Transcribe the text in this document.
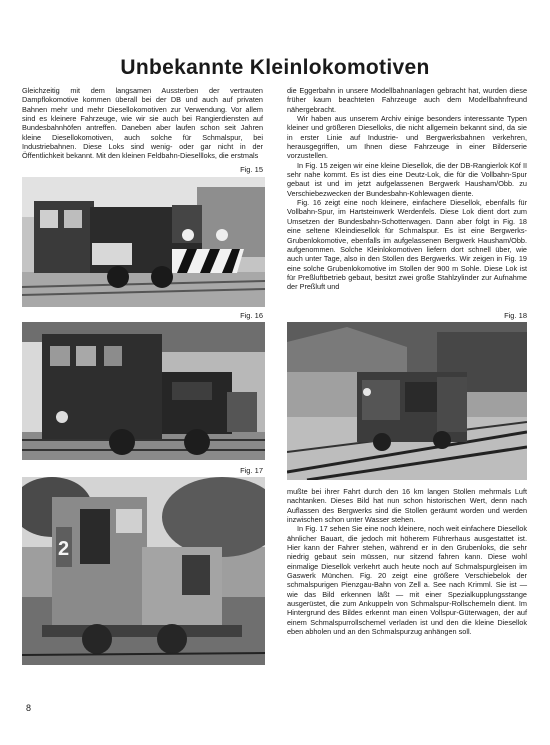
Unbekannte Kleinlokomotiven

Gleichzeitig mit dem langsamen Aussterben der vertrauten Dampflokomotive kommen überall bei der DB und auch auf privaten Bahnen mehr und mehr Diesellokomotiven zur Verwendung. Vor allem sind es kleinere Fahrzeuge, wie wir sie auch bei Rangierdiensten auf Bundesbahnhöfen antreffen. Daneben aber laufen schon seit Jahren kleine Diesellokomotiven, auch solche für Schmalspur, bei Industriebahnen. Diese Loks sind wenig- oder gar nicht in der Öffentlichkeit bekannt. Mit den kleinen Feldbahn-Diesellloks, die erstmals

die Eggerbahn in unsere Modellbahnanlagen gebracht hat, wurden diese früher kaum beachteten Fahrzeuge auch dem Modellbahnfreund nähergebracht.

Wir haben aus unserem Archiv einige besonders interessante Typen kleiner und größeren Dieselloks, die nicht allgemein bekannt sind, da sie in erster Linie auf Industrie- und Bergwerksbahnen verkehren, herausgegriffen, um Ihnen diese Fahrzeuge in einer Bilderserie vorzustellen.

In Fig. 15 zeigen wir eine kleine Diesellok, die der DB-Rangierlok Köf II sehr nahe kommt. Es ist dies eine Deutz-Lok, die für die Vollbahn-Spur gebaut ist und im jetzt aufgelassenen Bergwerk Hausham/Obb. zu Verschiebezwecken der Bundesbahn-Kohlewagen diente.

Fig. 16 zeigt eine noch kleinere, einfachere Diesellok, ebenfalls für Vollbahn-Spur, im Hartsteinwerk Werdenfels. Diese Lok dient dort zum Umsetzen der Bundesbahn-Schotterwagen. Dann aber folgt in Fig. 18 eine seltene Kleindiesellok für Schmalspur. Es ist eine Bergwerks-Grubenlokomotive, ebenfalls im aufgelassenen Bergwerk Hausham/Obb. aufgenommen. Solche Kleinlokomotiven liefern dort schnell über, wie auch unter Tage, also in den Stollen des Bergwerks. Wir zeigen in Fig. 19 eine solche Grubenlokomotive im Stollen der 900 m Sohle. Diese Lok ist für Preßluftbetrieb gebaut, besitzt zwei große Stahlzylinder zur Aufnahme der Preßluft und

mußte bei ihrer Fahrt durch den 16 km langen Stollen mehrmals Luft nachtanken. Dieses Bild hat nun schon historischen Wert, denn nach Auflassen des Bergwerks sind die Stollen geräumt worden und werden inzwischen schon unter Wasser stehen.

In Fig. 17 sehen Sie eine noch kleinere, noch weit einfachere Diesellok ähnlicher Bauart, die jedoch mit höherem Führerhaus ausgestattet ist. Hier kann der Fahrer stehen, während er in den Grubenloks, die sehr niedrig gebaut sein müssen, nur sitzend fahren kann. Diese wohl einmalige Diesellok verkehrt auch heute noch auf Schmalspurgleisen im Gaswerk München. Fig. 20 zeigt eine größere Verschiebelok der schmalspurigen Pienzgau-Bahn von Zell a. See nach Krimml. Sie ist — wie das Bild erkennen läßt — mit einer Spezialkupplungsstange ausgerüstet, die zum Ankuppeln von Schmalspur-Rollschemeln dient. Im Hintergrund des Bildes erkennt man einen Vollspur-Güterwagen, der auf einem Schmalspurrollschemel verladen ist und den die kleine Diesellok eben abholen und an den Schmalspurzug anhängen soll.

Fig. 15

Fig. 16

Fig. 17

2

Fig. 18

8
